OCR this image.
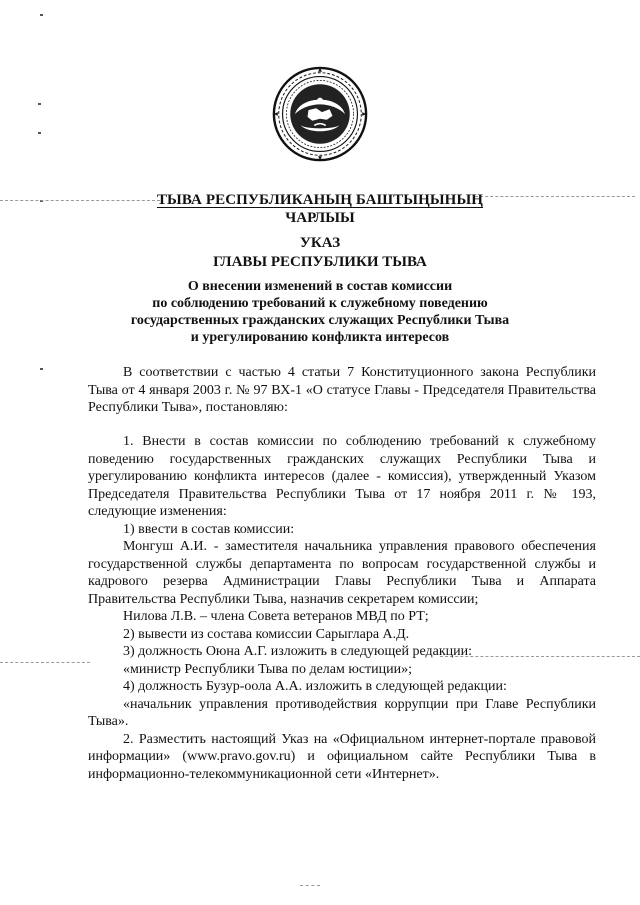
ТЫВА РЕСПУБЛИКАНЫҢ БАШТЫҢЫНЫҢ
ЧАРЛЫЫ
УКАЗ
ГЛАВЫ РЕСПУБЛИКИ ТЫВА
О внесении изменений в состав комиссии
по соблюдению требований к служебному поведению
государственных гражданских служащих Республики Тыва
и урегулированию конфликта интересов

В соответствии с частью 4 статьи 7 Конституционного закона Республики Тыва от 4 января 2003 г. № 97 ВХ-1 «О статусе Главы - Председателя Правительства Республики Тыва», постановляю:

1. Внести в состав комиссии по соблюдению требований к служебному поведению государственных гражданских служащих Республики Тыва и урегулированию конфликта интересов (далее - комиссия), утвержденный Указом Председателя Правительства Республики Тыва от 17 ноября 2011 г. № 193, следующие изменения:

1) ввести в состав комиссии:

Монгуш А.И. - заместителя начальника управления правового обеспечения государственной службы департамента по вопросам государственной службы и кадрового резерва Администрации Главы Республики Тыва и Аппарата Правительства Республики Тыва, назначив секретарем комиссии;

Нилова Л.В. – члена Совета ветеранов МВД по РТ;

2) вывести из состава комиссии Сарыглара А.Д.

3) должность Оюна А.Г. изложить в следующей редакции:

«министр Республики Тыва по делам юстиции»;

4) должность Бузур-оола А.А. изложить в следующей редакции:

«начальник управления противодействия коррупции при Главе Республики Тыва».

2. Разместить настоящий Указ на «Официальном интернет-портале правовой информации» (www.pravo.gov.ru) и официальном сайте Республики Тыва в информационно-телекоммуникационной сети «Интернет».
